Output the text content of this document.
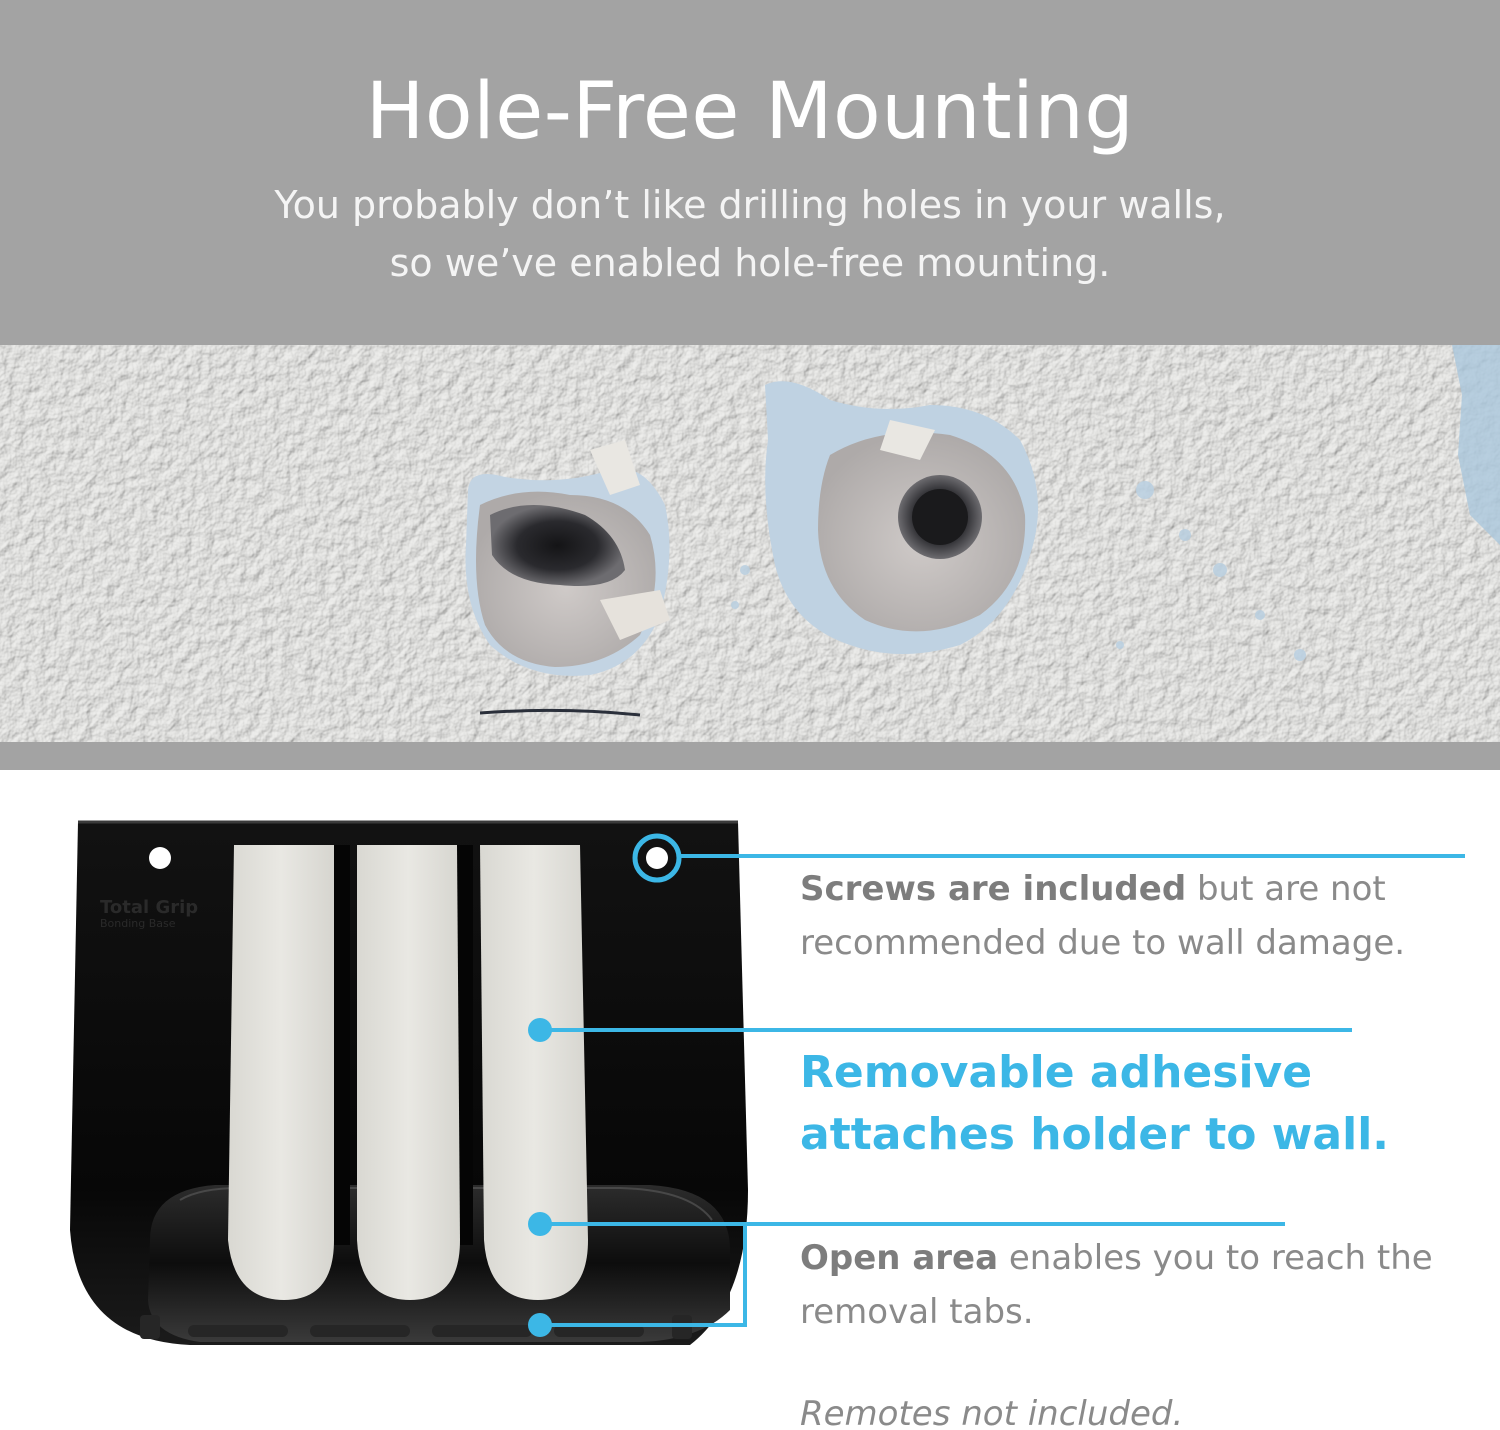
Hole-Free Mounting
You probably don’t like drilling holes in your walls,
so we’ve enabled hole-free mounting.
Total Grip
Bonding Base
Screws are included but are not recommended due to wall damage.
Removable adhesive
attaches holder to wall.
Open area enables you to reach the removal tabs.
Remotes not included.
